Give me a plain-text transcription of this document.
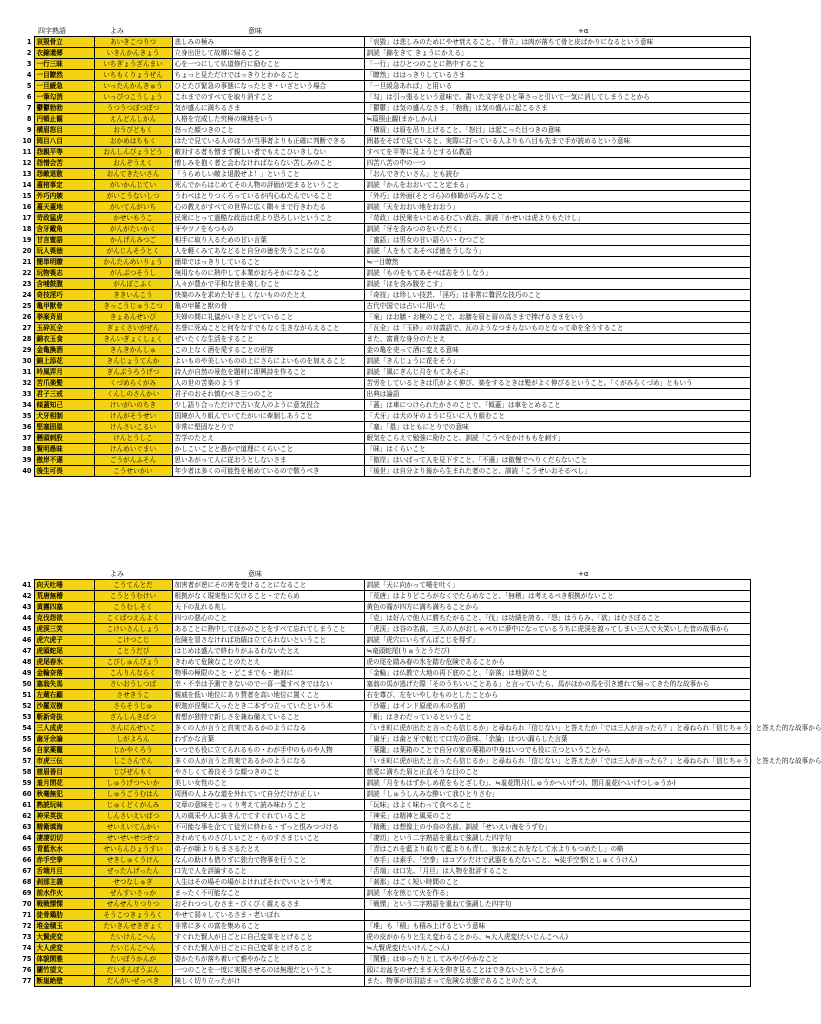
四字熟語	よみ	意味	+α
1	哀毀骨立	あいきこつりつ	悲しみの極み	「哀毀」は悲しみのためにやせ衰えること、「骨立」は肉が落ちて骨と皮ばかりになるという意味
2	衣錦還郷	いきんかんきょう	立身出世して故郷に帰ること	訓読「錦をきて きょうにかえる」
3	一行三昧	いちぎょうざんまい	心を一つにして仏道修行に励むこと	「一行」はひとつのことに熱中すること
4	一目瞭然	いちもくりょうぜん	ちょっと見ただけではっきりとわかること	「瞭然」ははっきりしているさま
5	一旦緩急	いったんかんきゅう	ひとたび緊急の事態になったとき・いざという場合	「一旦緩急あれば」と用いる
6	一筆勾消	いっぴつこうしょう	これまでのすべてを取り消すこと	「勾」は引っ張るという意味で、書いた文字をひと筆さっと引いて一気に消してしまうことから
7	鬱鬱勃勃	うつうつぼつぼつ	気が盛んに満ちるさま	「鬱鬱」は気の盛んなさま、「勃勃」は気の盛んに起こるさま
8	円頓止観	えんどんしかん	人格を完成した究極の境地をいう	≒篇照止観(まかしかん)
9	横眉怒目	おうびどもく	怒った顔つきのこと	「横眉」は眉を吊り上げること、「怒目」は起こった目つきの意味
10	岡目八目	おかめはちもく	はたで見ている人のほうが当事者よりも正確に判断できる	囲碁をそばで見ていると、実際に打っている人よりも八目も先まで手が読めるという意味
11	怨親平等	おんしんびょうどう	敵対する者も憎まず親しい者でもえこひいきしない	すべてを平等に見ようとする仏教語
12	怨憎会苦	おんぞうえく	憎しみを抱く者と会わなければならない苦しみのこと	四苦八苦の中の一つ
13	怨敵退散	おんてきたいさん	「うらめしい敵よ退散せよ！」ということ	「おんできたいさん」とも読む
14	蓋棺事定	がいかんじてい	死んでからはじめてその人物の評価が定まるということ	訓読「かんをおおいてこと定まる」
15	外巧内嫉	がいこうないしつ	うわべはとりつくろっているが内心ねたんでいること	「外巧」は外面(そとづら)の修飾が巧みなこと
16	蓋天蓋地	がいてんがいち	心の教えがすべての世界に広く隅々まで行きわたる	訓読「天をおおい地をおおう」
17	苛政猛虎	かせいもうこ	民衆にとって過酷な政治は虎より恐ろしいということ	「苛政」は民衆をいじめるむごい政治、訓読「かせいは虎よりもたけし」
18	含牙戴角	がんがたいかく	牙やツノをもつもの	訓読「牙を含みつのをいただく」
19	甘言蜜語	かんげんみつご	相手に取り入るための甘い言葉	「蜜語」は男女の甘い語らい・むつごと
20	玩人喪徳	がんじんそうとく	人を軽くみてあなどると自分の徳を失うことになる	訓読「人をもてあそべば徳をうしなう」
21	簡単明瞭	かんたんめいりょう	簡単ではっきりしていること	≒一目瞭然
22	玩物喪志	がんぶつそうし	無用なものに熱中して本業がおろそかになること	訓読「ものをもてあそべば志をうしなう」
23	含哺鼓腹	がんぽこふく	人々が豊かで平和な世を楽しむこと	訓読「ほを含み腹をこす」
24	奇技淫巧	ききいんこう	快楽のみを求めた好ましくないもののたとえ	「奇技」は珍しい技芸、「淫巧」は非常に贅沢な技巧のこと
25	亀甲獣骨	きっこうじゅうこつ	亀の甲羅と獣の骨	古代中国では占いに用いた
26	挙案斉眉	きょあんせいび	夫婦の間に礼儀がいきとどいていること	「案」はお膳・お椀のことで、お膳を眉と眉の高さまで捧げるさまをいう
27	玉砕瓦全	ぎょくさいがぜん	名誉に死ぬことと何をなすでもなく生きながらえること	「瓦全」は「玉砕」の対義語で、瓦のようなつまらないものとなって命を全うすること
28	錦衣玉食	きんいぎょくしょく	ぜいたくな生活をすること	また、富貴な身分のたとえ
29	金亀換酒	きんきかんしゅ	この上なく酒を愛することの形容	金の亀を売って酒に変える意味
30	錦上添花	きんじょうてんか	よいものや美しいものの上にさらによいものを加えること	訓読「きんじょうに花をそう」
31	吟風弄月	ぎんぷうろうげつ	詩人が自然の景色を題材に即興詩を作ること	訓読「風にぎんじ月をもてあそぶ」
32	苦爪楽髪	くづめらくがみ	人の世の苦楽のようす	苦労をしているときは爪がよく伸び、楽をするときは髪がよく伸びるということ。「くがみらくづめ」ともいう
33	君子三戒	くんしのさんかい	君子のおそれ慎むべき三つのこと	出典は論語
34	傾蓋知己	けいがいのちき	少し語り合っただけで古い友人のように意気投合	「蓋」は車につけられたかさのことで、「傾蓋」は車をとめること
35	犬牙相制	けんがそうせい	国境が入り組んでいてたがいに牽制しあうこと	「犬牙」は犬の牙のように互いに入り組むこと
36	堅塞固塁	けんさいこるい	非常に堅固なとりで	「塞」「塁」はともにとりでの意味
37	懸頭刺股	けんとうしこ	苦学のたとえ	眠気をこらえて勉強に励むこと、訓読「こうべをかけももを刺す」
38	賢明愚昧	けんめいぐまい	かしこいことと愚かで道理にくらいこと	「昧」はくらいこと
39	傲岸不遜	ごうがんふそん	思いあがって人に従おうとしないさま	「傲岸」はいばって人を見下すこと、「不遜」は傲慢でへりくだらないこと
40	後生可畏	こうせいかい	年少者は多くの可能性を秘めているので敬うべき	「後世」は自分より後から生まれた者のこと、訓読「こうせいおそるべし」
よみ	意味	+α
41	向天吐唾	こうてんとだ	加害者が逆にその害を受けることになること	訓読「天に向かって唾を吐く」
42	荒唐無稽	こうとうむけい	根拠がなく現実性に欠けること・でたらめ	「荒唐」はよりどころがなくでたらめなこと、「無稽」は考えるべき根拠がないこと
43	黄霧四塞	こうむしそく	天下の乱れる兆し	黄色の霧が四方に満ち満ちることから
44	克伐怨欲	こくばつえんよく	四つの悪心のこと	「克」は好んで他人に勝ちたがること、「伐」は功績を誇る、「怨」はうらみ、「欲」はむさぼること
45	虎渓三笑	こけいさんしょう	あることに熱中してほかのことをすべて忘れてしまうこと	「虎渓」は谷の名前。三人の人がおしゃべりに夢中になっているうちに虎渓を渡ってしまい三人で大笑いした昔の故事から
46	虎穴虎子	こけつこじ	危険を冒さなければ功績は立てられないということ	訓読「虎穴にいらずんばこじを得ず」
47	虎頭蛇尾	ことうだび	はじめは盛んで終わりがふるわないたとえ	≒竜頭蛇尾(りゅうとうだび)
48	虎尾春氷	こびしゅんぴょう	きわめて危険なことのたとえ	虎の尾を踏み春の氷を踏む危険であることから
49	金輪奈落	こんりんならく	物事の極限のこと・どこまでも・絶対に	「金輪」は仏教で大地の再下底のこと、「奈落」は地獄のこと
50	塞翁失馬	さいおうしつば	幸・不幸は予測できないので一喜一憂すべきではない	塞翁の馬が逃げた際「そのうちいいことある」と言っていたら、馬がほかの馬を引き連れて帰ってきた的な故事から
51	左蔵右顧	させきうこ	親戚を低い地位にあり賛者を高い地位に置くこと	右を尊び、左をいやしむものとしたことから
52	沙羅双樹	さらそうじゅ	釈迦が涅槃に入ったとき二本ずつ立っていたという木	「沙羅」はインド原産の木の名前
53	斬新奇抜	ざんしんきばつ	着想が独特で新しさを兼ね備えていること	「斬」はきわだっているということ
54	三人成虎	さんにんせいこ	多くの人が言うと真実であるかのようになる	「いま町に虎が出たと言ったら信じるか」と尋ねられ「信じない」と答えたが「では三人が言ったら？」と尋ねられ「信じちゃう」と答えた的な故事から
55	歯牙余論	しがよろん	わずかな言葉	「歯牙」は歯と牙で転じて口先の意味、「余論」はつい漏らした言葉
56	自家薬籠	じかやくろう	いつでも役に立てられるもの・わが手中のものや人物	「薬籠」は薬箱のことで自分の家の薬箱の中身はいつでも役に立つということから
57	市虎三伝	しこさんでん	多くの人が言うと真実であるかのようになる	「いま町に虎が出たと言ったら信じるか」と尋ねられ「信じない」と答えたが「では三人が言ったら？」と尋ねられ「信じちゃう」と答えた的な故事から
58	慈眉善目	じびぜんもく	やさしくて善良そうな顔つきのこと	慈愛に満ちた眉と正直そうな目のこと
59	羞月閉花	しゅうげつへいか	美しい女性のこと	訓読「月をもはずかしめ花をもとざしむ」、≒羞花閉月(しゅうかへいげつ)、閉月羞花(へいげつしゅうか)
60	秋毫無犯	しゅうごうむはん	周囲の人よみな道を外れていて自分だけが正しい	訓読「しゅうしんみな酔いて我ひとりさむ」
61	熟読玩味	じゅくどくがんみ	文章の意味をじっくり考えて読み味わうこと	「玩味」はよく味わって食べること
62	神采英抜	しんさいえいばつ	人の風采や人に抜きんでてすぐれていること	「神采」は精神と風采のこと
63	精衛填海	せいえいてんかい	不可能な事を企てて徒労に終わる・ずっと恨みつづける	「精衛」は想像上の小鳥の名前、訓読「せいえい海をうずむ」
64	凄凄切切	せいせいせつせつ	きわめてものさびしいこと・ものすさまじいこと	「凄切」という二字熟語を重ねて強調した四字句
65	青藍氷水	せいらんひょうすい	弟子が師よりもまさるたとえ	「青はこれを藍より取りて藍よりも青し、氷は水これをなして水よりもつめたし」の略
66	赤手空拳	せきしゅくうけん	なんの助けも借りずに独力で物事を行うこと	「赤手」は素手、「空拳」はコブシだけで武器をもたないこと、≒徒手空拳(としゅくうけん)
67	舌端月旦	ぜったんげったん	口先で人を評論すること	「舌端」は口先、「月旦」は人物を批評すること
68	刹那主義	せつなしゅぎ	人生はその場その場がよければそれでいいという考え	「刹那」はごく短い時間のこと
69	前水作火	ぜんすいさっか	まったく不可能なこと	訓読「水を煎じて火を作る」
70	戦戦慄慄	せんせんりつりつ	おそれつつしむさま・びくびく震えるさま	「戦慄」という二字熟語を重ねて強調した四字句
71	徒骨鶏肋	そうこつきょうろく	やせて弱々しているさま・老いぼれ	
72	堆金積玉	たいきんせきぎょく	非常に多くの富を集めること	「堆」も「積」も積み上げるという意味
73	大賢虎変	たいけんこへん	すぐれた賢人が日ごとに自己変革をとげること	虎の皮がからりと生え変わることから、≒大人虎変(たいじんこへん)
74	大人虎変	たいじんこへん	すぐれた賢人が日ごとに自己変革をとげること	≒大賢虎変(たいけんこへん)
75	体貌閑雅	たいぼうかんが	姿かたちが落ち着いて雅やかなこと	「閑雅」はゆったりとしてみやびやかなこと
76	蘭竹望文	だいまんぼうぶん	一つのことを一度に実現させるのは無理だということ	頭にお盆をのせたまま天を仰ぎ見ることはできないということから
77	断崖絶壁	だんがいぜっぺき	険しく切り立ったがけ	また、物事が切羽詰まって危険な状態であることのたとえ
